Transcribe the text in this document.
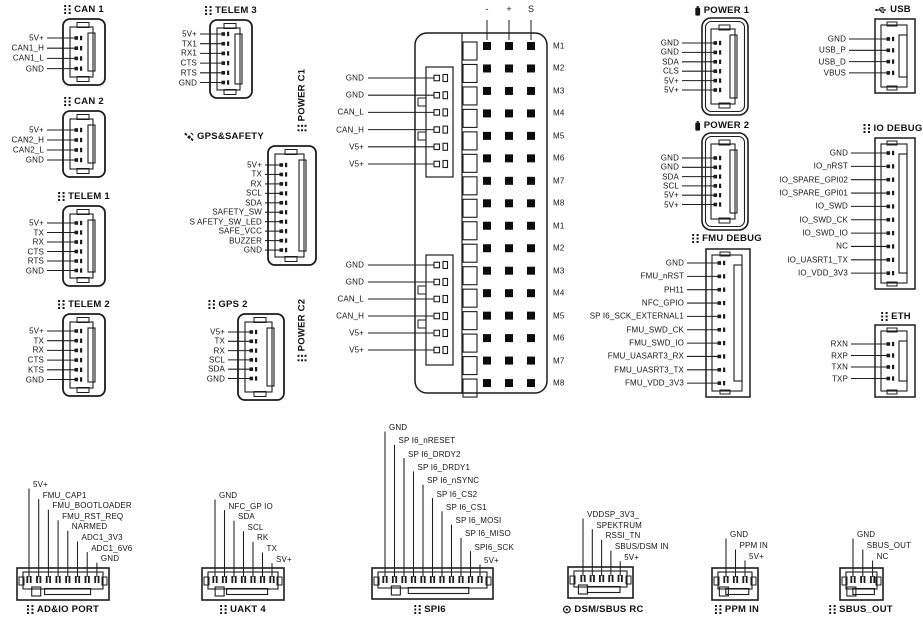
5V+
CAN1_H
CAN1_L
GND
CAN 1
5V+
CAN2_H
CAN2_L
GND
CAN 2
5V+
TX
RX
CTS
RTS
GND
TELEM 1
5V+
TX
RX
CTS
KTS
GND
TELEM 2
5V+
TX1
RX1
CTS
RTS
GND
TELEM 3
5V+
TX
RX
SCL
SDA
SAFETY_SW
S AFETY_SW_LED
SAFE_VCC
BUZZER
GND
GPS&SAFETY
V5+
TX
RX
SCL
SDA
GND
GPS 2
GND
GND
SDA
CLS
5V+
5V+
POWER 1
GND
GND
SDA
SCL
5V+
5V+
POWER 2
GND
FMU_nRST
PH11
NFC_GPIO
SP I6_SCK_EXTERNAL1
FMU_SWD_CK
FMU_SWD_IO
FMU_UASART3_RX
FMU_UASRT3_TX
FMU_VDD_3V3
FMU DEBUG
GND
USB_P
USB_D
VBUS
USB
GND
IO_nRST
IO_SPARE_GPI02
IO_SPARE_GPI01
IO_SWD
IO_SWD_CK
IO_SWD_IO
NC
IO_UASRT1_TX
IO_VDD_3V3
IO DEBUG
RXN
RXP
TXN
TXP
ETH
5V+
FMU_CAP1
FMU_BOOTLOADER
FMU_RST_REQ
NARMED
ADC1_3V3
ADC1_6V6
GND
AD&IO PORT
GND
NFC_GP IO
SDA
SCL
RK
TX
SV+
UAKT 4
GND
SP I6_nRESET
SP I6_DRDY2
SP I6_DRDY1
SP I6_nSYNC
SP I6_CS2
SP I6_CS1
SP I6_MOSI
SP I6_MISO
SPI6_SCK
5V+
SPI6
VDDSP_3V3_
SPEKTRUM
RSSI_TN
SBUS/DSM IN
5V+
DSM/SBUS RC
GND
PPM IN
5V+
PPM IN
GND
SBUS_OUT
NC
SBUS_OUT
M1
M2
M3
M4
M5
M6
M7
M8
M1
M2
M3
M4
M5
M6
M7
M8
- + S
GND
GND
CAN_L
CAN_H
V5+
V5+
POWER C1
GND
GND
CAN_L
CAN_H
V5+
V5+
POWER C2
